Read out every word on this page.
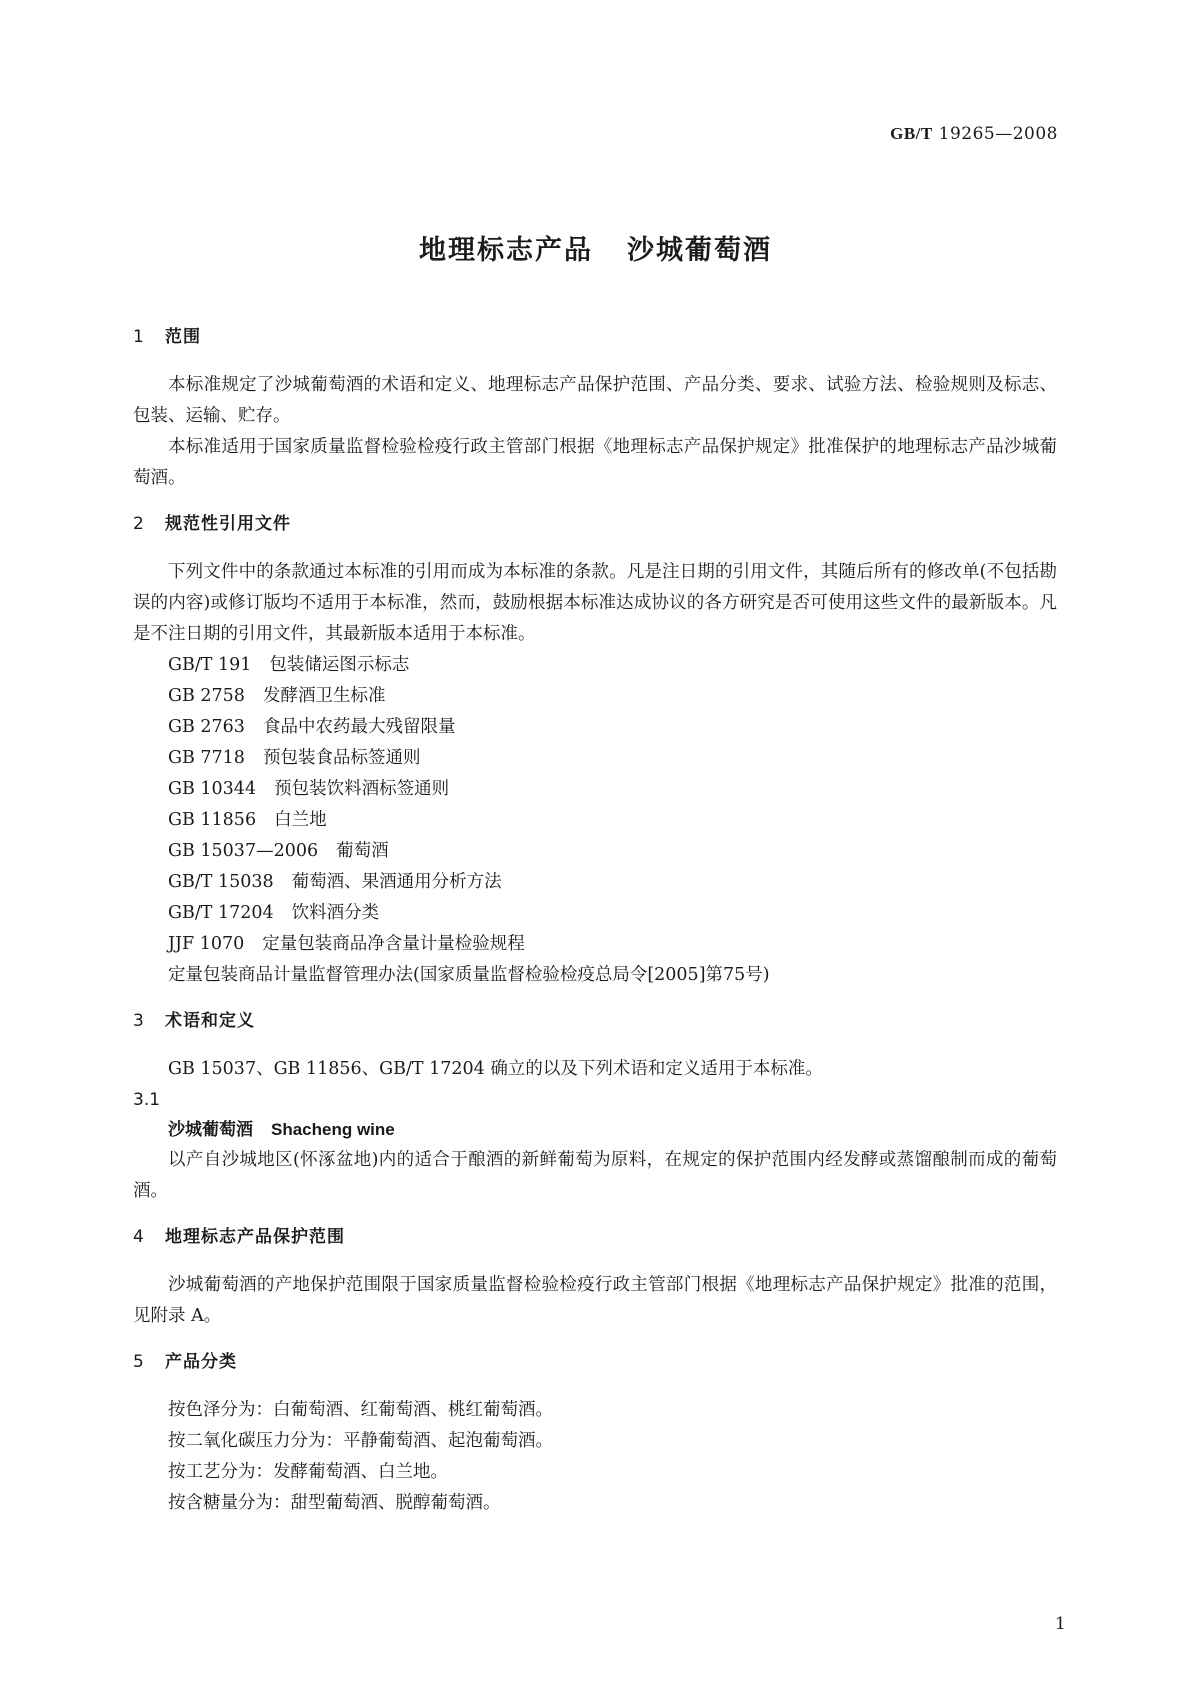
GB/T 19265—2008
地理标志产品 沙城葡萄酒
1 范围

本标准规定了沙城葡萄酒的术语和定义、地理标志产品保护范围、产品分类、要求、试验方法、检验规则及标志、包装、运输、贮存。

本标准适用于国家质量监督检验检疫行政主管部门根据《地理标志产品保护规定》批准保护的地理标志产品沙城葡萄酒。

2 规范性引用文件

下列文件中的条款通过本标准的引用而成为本标准的条款。凡是注日期的引用文件，其随后所有的修改单(不包括勘误的内容)或修订版均不适用于本标准，然而，鼓励根据本标准达成协议的各方研究是否可使用这些文件的最新版本。凡是不注日期的引用文件，其最新版本适用于本标准。

GB/T 191 包装储运图示标志
GB 2758 发酵酒卫生标准
GB 2763 食品中农药最大残留限量
GB 7718 预包装食品标签通则
GB 10344 预包装饮料酒标签通则
GB 11856 白兰地
GB 15037—2006 葡萄酒
GB/T 15038 葡萄酒、果酒通用分析方法
GB/T 17204 饮料酒分类
JJF 1070 定量包装商品净含量计量检验规程
定量包装商品计量监督管理办法(国家质量监督检验检疫总局令[2005]第75号)
3 术语和定义

GB 15037、GB 11856、GB/T 17204 确立的以及下列术语和定义适用于本标准。

3.1
沙城葡萄酒 Shacheng wine

以产自沙城地区(怀涿盆地)内的适合于酿酒的新鲜葡萄为原料，在规定的保护范围内经发酵或蒸馏酿制而成的葡萄酒。

4 地理标志产品保护范围

沙城葡萄酒的产地保护范围限于国家质量监督检验检疫行政主管部门根据《地理标志产品保护规定》批准的范围，见附录 A。

5 产品分类

按色泽分为：白葡萄酒、红葡萄酒、桃红葡萄酒。

按二氧化碳压力分为：平静葡萄酒、起泡葡萄酒。

按工艺分为：发酵葡萄酒、白兰地。

按含糖量分为：甜型葡萄酒、脱醇葡萄酒。

1
